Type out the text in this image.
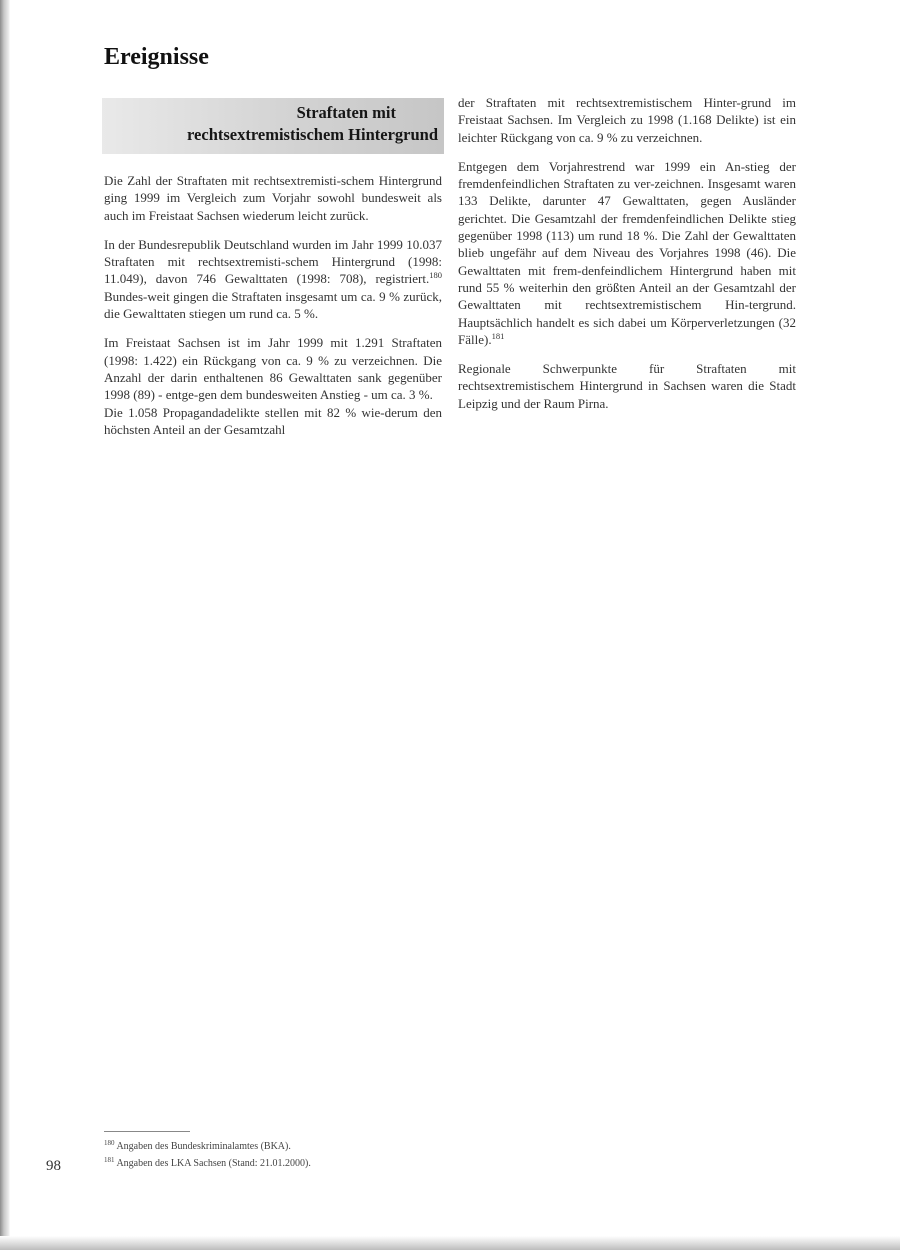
Ereignisse
Straftaten mit
rechtsextremistischem Hintergrund

Die Zahl der Straftaten mit rechtsextremisti-schem Hintergrund ging 1999 im Vergleich zum Vorjahr sowohl bundesweit als auch im Freistaat Sachsen wiederum leicht zurück.

In der Bundesrepublik Deutschland wurden im Jahr 1999 10.037 Straftaten mit rechtsextremisti-schem Hintergrund (1998: 11.049), davon 746 Gewalttaten (1998: 708), registriert.$^{180}$ Bundes-weit gingen die Straftaten insgesamt um ca. 9 % zurück, die Gewalttaten stiegen um rund ca. 5 %.

Im Freistaat Sachsen ist im Jahr 1999 mit 1.291 Straftaten (1998: 1.422) ein Rückgang von ca. 9 % zu verzeichnen. Die Anzahl der darin enthaltenen 86 Gewalttaten sank gegenüber 1998 (89) - entge-gen dem bundesweiten Anstieg - um ca. 3 %.
Die 1.058 Propagandadelikte stellen mit 82 % wie-derum den höchsten Anteil an der Gesamtzahl

der Straftaten mit rechtsextremistischem Hinter-grund im Freistaat Sachsen. Im Vergleich zu 1998 (1.168 Delikte) ist ein leichter Rückgang von ca. 9 % zu verzeichnen.

Entgegen dem Vorjahrestrend war 1999 ein An-stieg der fremdenfeindlichen Straftaten zu ver-zeichnen. Insgesamt waren 133 Delikte, darunter 47 Gewalttaten, gegen Ausländer gerichtet. Die Gesamtzahl der fremdenfeindlichen Delikte stieg gegenüber 1998 (113) um rund 18 %. Die Zahl der Gewalttaten blieb ungefähr auf dem Niveau des Vorjahres 1998 (46). Die Gewalttaten mit frem-denfeindlichem Hintergrund haben mit rund 55 % weiterhin den größten Anteil an der Gesamtzahl der Gewalttaten mit rechtsextremistischem Hin-tergrund. Hauptsächlich handelt es sich dabei um Körperverletzungen (32 Fälle).$^{181}$

Regionale Schwerpunkte für Straftaten mit rechtsextremistischem Hintergrund in Sachsen waren die Stadt Leipzig und der Raum Pirna.

$^{180}$ Angaben des Bundeskriminalamtes (BKA).
$^{181}$ Angaben des LKA Sachsen (Stand: 21.01.2000).
98
